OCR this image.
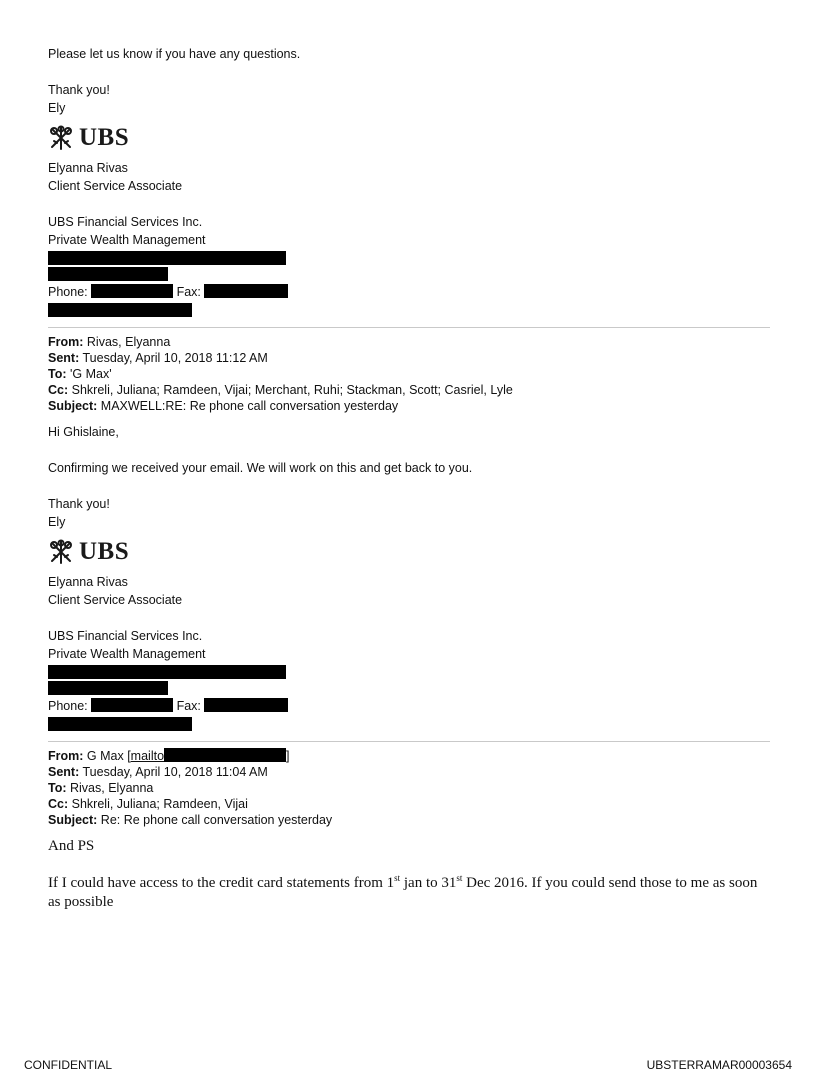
Please let us know if you have any questions.

Thank you!

Ely

UBS

Elyanna Rivas

Client Service Associate

UBS Financial Services Inc.

Private Wealth Management

Phone:	Fax:

From: Rivas, Elyanna
Sent: Tuesday, April 10, 2018 11:12 AM
To: 'G Max'
Cc: Shkreli, Juliana; Ramdeen, Vijai; Merchant, Ruhi; Stackman, Scott; Casriel, Lyle
Subject: MAXWELL:RE: Re phone call conversation yesterday

Hi Ghislaine,

Confirming we received your email. We will work on this and get back to you.

Thank you!

Ely

UBS

Elyanna Rivas

Client Service Associate

UBS Financial Services Inc.

Private Wealth Management

Phone:	Fax:

From: G Max [mailto	]
Sent: Tuesday, April 10, 2018 11:04 AM
To: Rivas, Elyanna
Cc: Shkreli, Juliana; Ramdeen, Vijai
Subject: Re: Re phone call conversation yesterday

And PS

If I could have access to the credit card statements from 1st jan to 31st Dec 2016. If you could send those to me as soon as possible

CONFIDENTIAL	UBSTERRAMAR00003654
